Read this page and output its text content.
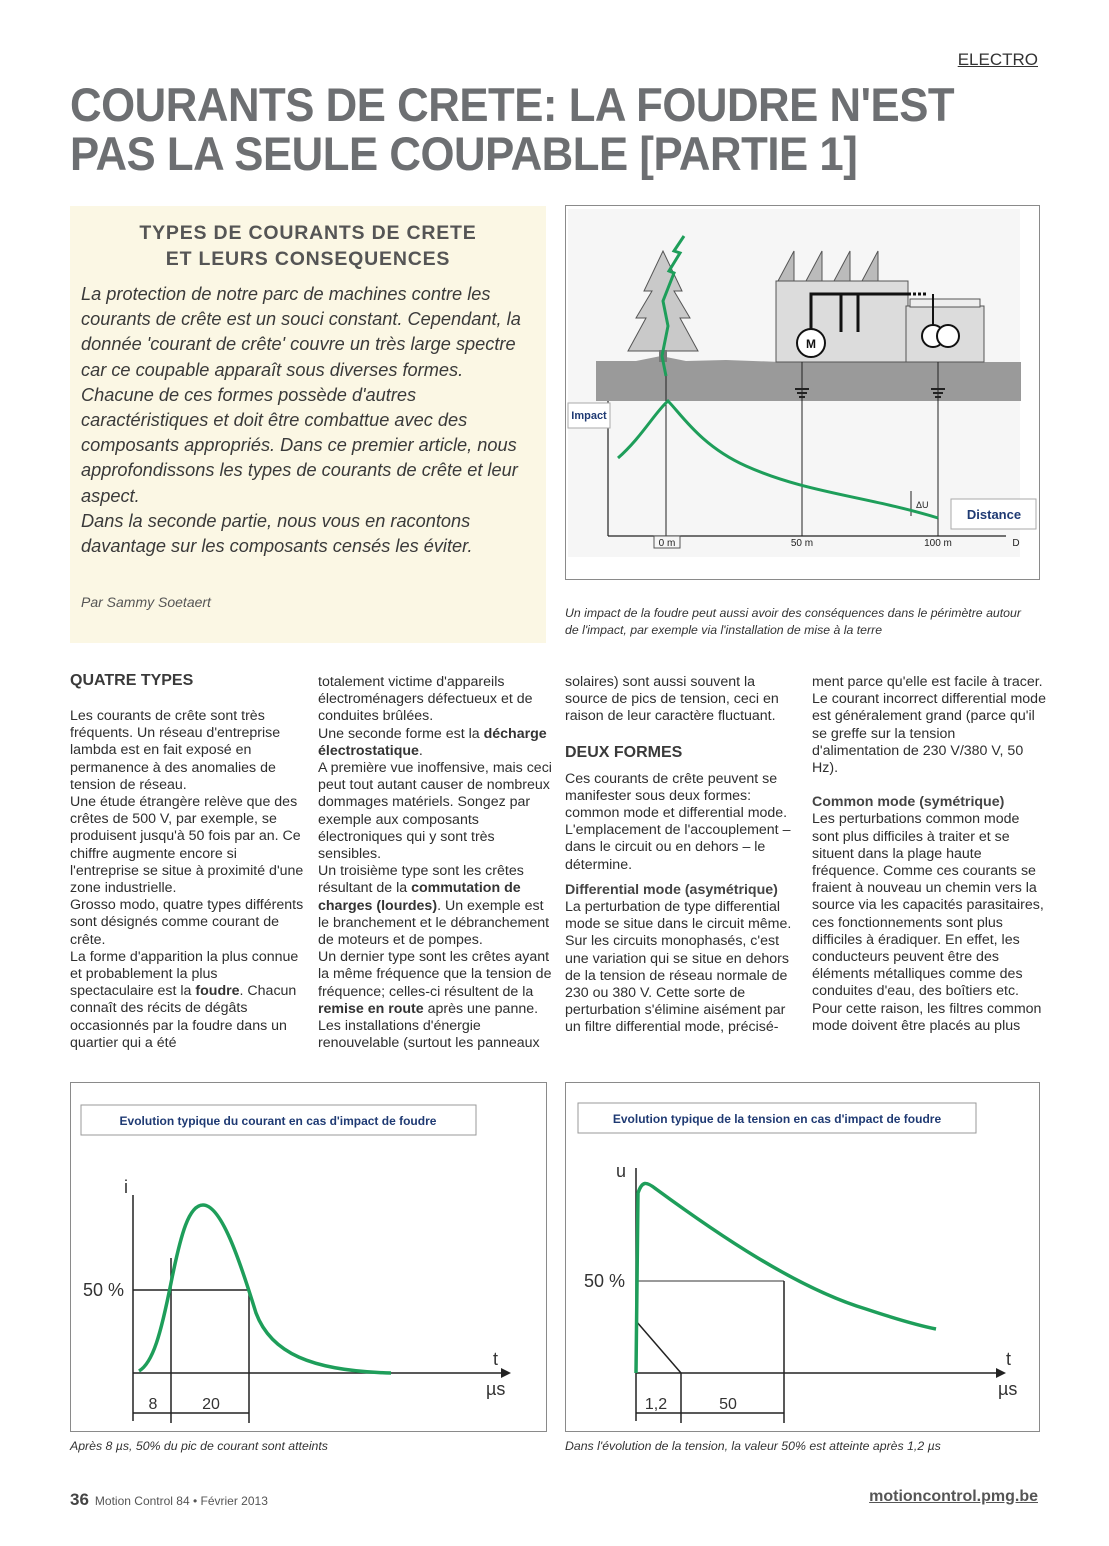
ELECTRO
COURANTS DE CRETE: LA FOUDRE N'EST PAS LA SEULE COUPABLE [PARTIE 1]
TYPES DE COURANTS DE CRETE
ET LEURS CONSEQUENCES

La protection de notre parc de machines contre les courants de crête est un souci constant. Cependant, la donnée 'courant de crête' couvre un très large spectre car ce coupable apparaît sous diverses formes.

Chacune de ces formes possède d'autres caractéristiques et doit être combattue avec des composants appropriés. Dans ce premier article, nous approfondissons les types de courants de crête et leur aspect.

Dans la seconde partie, nous vous en racontons davantage sur les composants censés les éviter.

Par Sammy Soetaert
M
Impact
Distance
ΔU
0 m	50 m	100 m	D
Un impact de la foudre peut aussi avoir des conséquences dans le périmètre autour de l'impact, par exemple via l'installation de mise à la terre
QUATRE TYPES

Les courants de crête sont très fréquents. Un réseau d'entreprise lambda est en fait exposé en permanence à des anomalies de tension de réseau.

Une étude étrangère relève que des crêtes de 500 V, par exemple, se produisent jusqu'à 50 fois par an. Ce chiffre augmente encore si l'entreprise se situe à proximité d'une zone industrielle.

Grosso modo, quatre types différents sont désignés comme courant de crête.

La forme d'apparition la plus connue et probablement la plus spectaculaire est la foudre. Chacun connaît des récits de dégâts occasionnés par la foudre dans un quartier qui a été

totalement victime d'appareils électroménagers défectueux et de conduites brûlées.

Une seconde forme est la décharge électrostatique.

A première vue inoffensive, mais ceci peut tout autant causer de nombreux dommages matériels. Songez par exemple aux composants électroniques qui y sont très sensibles.

Un troisième type sont les crêtes résultant de la commutation de charges (lourdes). Un exemple est le branchement et le débranchement de moteurs et de pompes.

Un dernier type sont les crêtes ayant la même fréquence que la tension de fréquence; celles-ci résultent de la remise en route après une panne. Les installations d'énergie renouvelable (surtout les panneaux

solaires) sont aussi souvent la source de pics de tension, ceci en raison de leur caractère fluctuant.

DEUX FORMES

Ces courants de crête peuvent se manifester sous deux formes: common mode et differential mode. L'emplacement de l'accouplement – dans le circuit ou en dehors – le détermine.

Differential mode (asymétrique)

La perturbation de type differential mode se situe dans le circuit même. Sur les circuits monophasés, c'est une variation qui se situe en dehors de la tension de réseau normale de 230 ou 380 V. Cette sorte de perturbation s'élimine aisément par un filtre differential mode, précisé-

ment parce qu'elle est facile à tracer.

Le courant incorrect differential mode est généralement grand (parce qu'il se greffe sur la tension d'alimentation de 230 V/380 V, 50 Hz).

Common mode (symétrique)

Les perturbations common mode sont plus difficiles à traiter et se situent dans la plage haute fréquence. Comme ces courants se fraient à nouveau un chemin vers la source via les capacités parasitaires, ces fonctionnements sont plus difficiles à éradiquer. En effet, les conducteurs peuvent être des éléments métalliques comme des conduites d'eau, des boîtiers etc. Pour cette raison, les filtres common mode doivent être placés au plus

Evolution typique du courant en cas d'impact de foudre
i
t
µs
50 %
8	20
Après 8 µs, 50% du pic de courant sont atteints
Evolution typique de la tension en cas d'impact de foudre
u
t
µs
50 %
1,2	50
Dans l'évolution de la tension, la valeur 50% est atteinte après 1,2 µs
36 Motion Control 84 • Février 2013	motioncontrol.pmg.be
